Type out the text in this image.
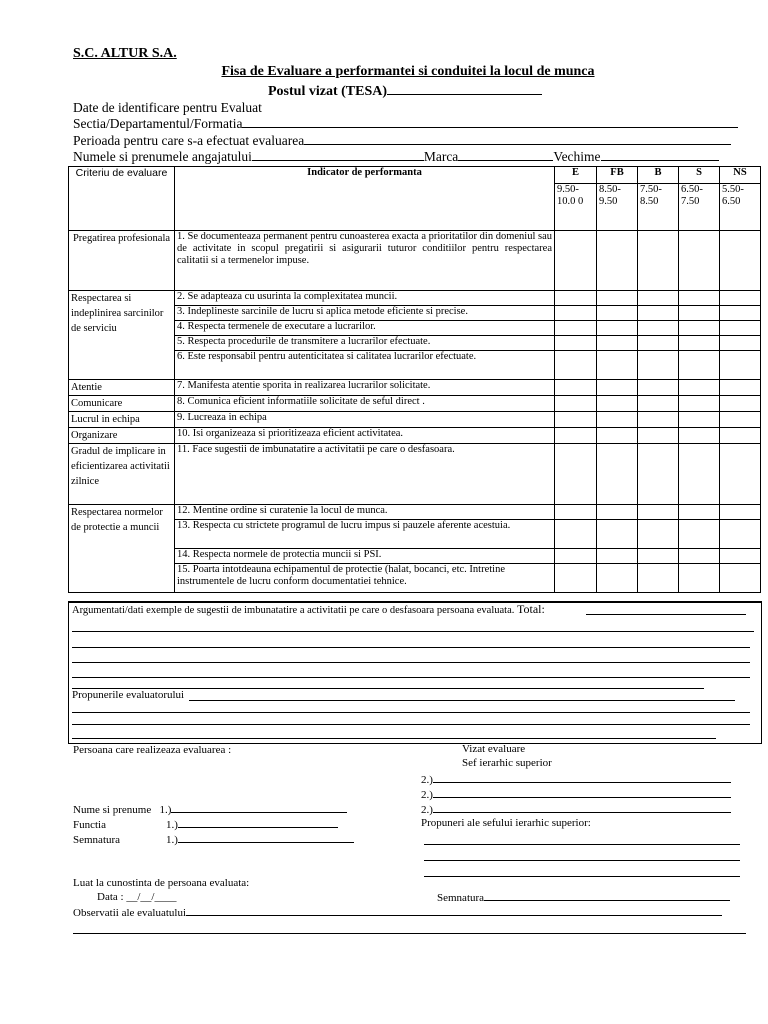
S.C. ALTUR S.A.
Fisa de Evaluare a performantei si conduitei la locul de munca
Postul vizat (TESA)
Date de identificare pentru Evaluat
Sectia/Departamentul/Formatia
Perioada pentru care s-a efectuat evaluarea
Numele si prenumele angajatului	Marca	Vechime
Criteriu de evaluare	Indicator de performanta	E	FB	B	S	NS
		9.50-10.0 0	8.50-9.50	7.50-8.50	6.50-7.50	5.50-6.50
Pregatirea profesionala	1. Se documenteaza permanent pentru cunoasterea exacta a prioritatilor din domeniul sau de activitate in scopul pregatirii si asigurarii tuturor conditiilor pentru respectarea calitatii si a termenelor impuse.					
Respectarea si indeplinirea sarcinilor de serviciu	2. Se adapteaza cu usurinta la complexitatea muncii.					
	3. Indeplineste sarcinile de lucru si aplica metode eficiente si precise.					
	4. Respecta termenele de executare a lucrarilor.					
	5. Respecta procedurile de transmitere a lucrarilor efectuate.					
	6. Este responsabil pentru autenticitatea si calitatea lucrarilor efectuate.					
Atentie	7. Manifesta atentie sporita in realizarea lucrarilor solicitate.					
Comunicare	8. Comunica eficient informatiile solicitate de seful direct .					
Lucrul in echipa	9. Lucreaza in echipa					
Organizare	10. Isi organizeaza si prioritizeaza eficient activitatea.					
Gradul de implicare in eficientizarea activitatii zilnice	11. Face sugestii de imbunatatire a activitatii pe care o desfasoara.					
Respectarea normelor de protectie a muncii	12. Mentine ordine si curatenie la locul de munca.					
	13. Respecta cu strictete programul de lucru impus si pauzele aferente acestuia.					
	14. Respecta normele de protectia muncii si PSI.					
	15. Poarta intotdeauna echipamentul de protectie (halat, bocanci, etc. Intretine instrumentele de lucru conform documentatiei tehnice.					
Argumentati/dati exemple de sugestii de imbunatatire a activitatii pe care o desfasoara persoana evaluata. Total:
Propunerile evaluatorului
Persoana care realizeaza evaluarea :
Nume si prenume 1.)
Functia	1.)
Semnatura	1.)
Vizat evaluare
Sef ierarhic superior
2.)
2.)
2.)
Propuneri ale sefului ierarhic superior:
Luat la cunostinta de persoana evaluata:
Data : __/__/____	Semnatura
Observatii ale evaluatului
